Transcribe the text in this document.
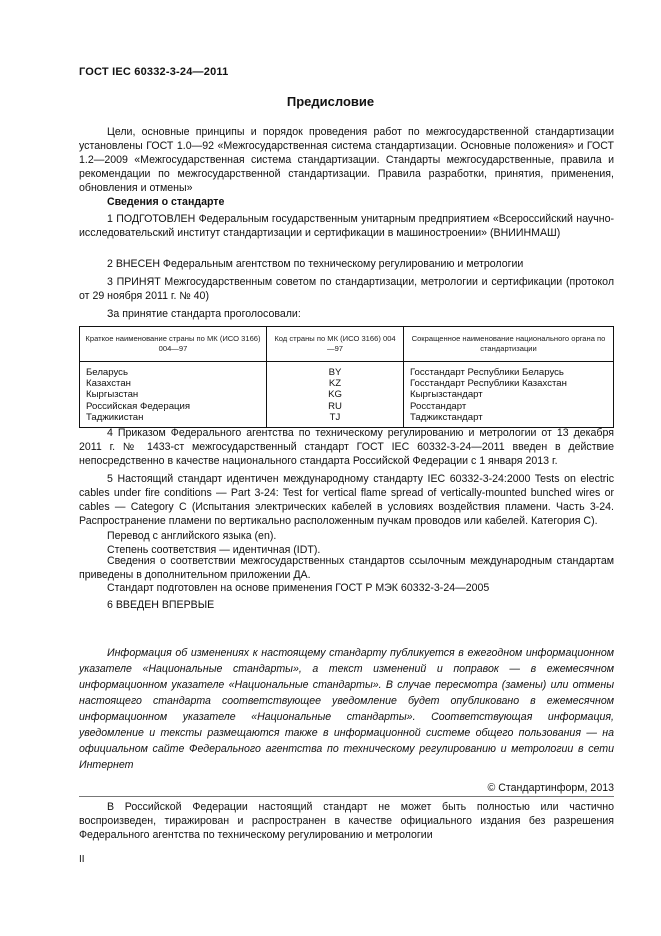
ГОСТ IEC 60332-3-24—2011
Предисловие
Цели, основные принципы и порядок проведения работ по межгосударственной стандартизации установлены ГОСТ 1.0—92 «Межгосударственная система стандартизации. Основные положения» и ГОСТ 1.2—2009 «Межгосударственная система стандартизации. Стандарты межгосударственные, правила и рекомендации по межгосударственной стандартизации. Правила разработки, принятия, применения, обновления и отмены»
Сведения о стандарте
1 ПОДГОТОВЛЕН Федеральным государственным унитарным предприятием «Всероссийский научно-исследовательский институт стандартизации и сертификации в машиностроении» (ВНИИНМАШ)
2 ВНЕСЕН Федеральным агентством по техническому регулированию и метрологии
3 ПРИНЯТ Межгосударственным советом по стандартизации, метрологии и сертификации (протокол от 29 ноября 2011 г. № 40)
За принятие стандарта проголосовали:
Краткое наименование страны по МК (ИСО 3166) 004—97	Код страны по МК (ИСО 3166) 004—97	Сокращенное наименование национального органа по стандартизации
Беларусь	BY	Госстандарт Республики Беларусь
Казахстан	KZ	Госстандарт Республики Казахстан
Кыргызстан	KG	Кыргызстандарт
Российская Федерация	RU	Росстандарт
Таджикистан	TJ	Таджикстандарт
4 Приказом Федерального агентства по техническому регулированию и метрологии от 13 декабря 2011 г. № 1433-ст межгосударственный стандарт ГОСТ IEC 60332-3-24—2011 введен в действие непосредственно в качестве национального стандарта Российской Федерации с 1 января 2013 г.
5 Настоящий стандарт идентичен международному стандарту IEC 60332-3-24:2000 Tests on electric cables under fire conditions — Part 3-24: Test for vertical flame spread of vertically-mounted bunched wires or cables — Category C (Испытания электрических кабелей в условиях воздействия пламени. Часть 3-24. Распространение пламени по вертикально расположенным пучкам проводов или кабелей. Категория С).
Перевод с английского языка (en).
Степень соответствия — идентичная (IDT).
Сведения о соответствии межгосударственных стандартов ссылочным международным стандартам приведены в дополнительном приложении ДА.
Стандарт подготовлен на основе применения ГОСТ Р МЭК 60332-3-24—2005
6 ВВЕДЕН ВПЕРВЫЕ
Информация об изменениях к настоящему стандарту публикуется в ежегодном информационном указателе «Национальные стандарты», а текст изменений и поправок — в ежемесячном информационном указателе «Национальные стандарты». В случае пересмотра (замены) или отмены настоящего стандарта соответствующее уведомление будет опубликовано в ежемесячном информационном указателе «Национальные стандарты». Соответствующая информация, уведомление и тексты размещаются также в информационной системе общего пользования — на официальном сайте Федерального агентства по техническому регулированию и метрологии в сети Интернет
© Стандартинформ, 2013
В Российской Федерации настоящий стандарт не может быть полностью или частично воспроизведен, тиражирован и распространен в качестве официального издания без разрешения Федерального агентства по техническому регулированию и метрологии
II
